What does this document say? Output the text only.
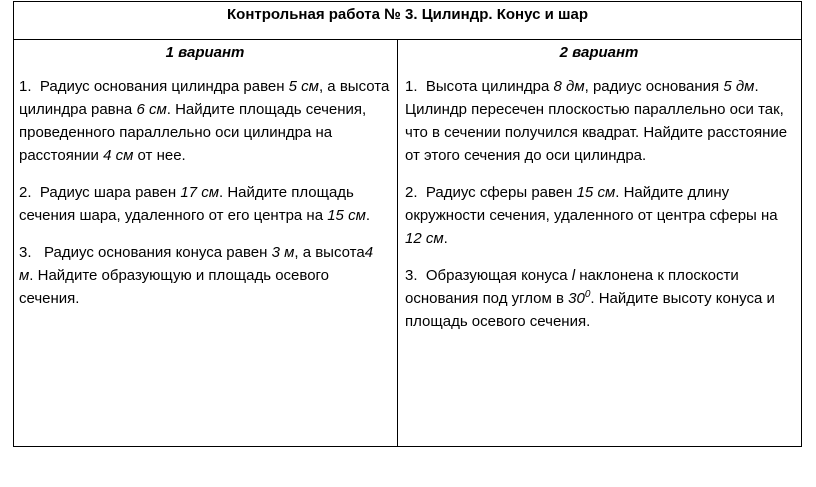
Контрольная работа № 3. Цилиндр. Конус и шар
1 вариант

1. Радиус основания цилиндра равен 5 см, а высота цилиндра равна 6 см. Найдите площадь сечения, проведенного параллельно оси цилиндра на расстоянии 4 см от нее.

2. Радиус шара равен 17 см. Найдите площадь сечения шара, удаленного от его центра на 15 см.

3. Радиус основания конуса равен 3 м, а высота4 м. Найдите образующую и площадь осевого сечения.

2 вариант

1. Высота цилиндра 8 дм, радиус основания 5 дм. Цилиндр пересечен плоскостью параллельно оси так, что в сечении получился квадрат. Найдите расстояние от этого сечения до оси цилиндра.

2. Радиус сферы равен 15 см. Найдите длину окружности сечения, удаленного от центра сферы на 12 см.

3. Образующая конуса l наклонена к плоскости основания под углом в $30^0$. Найдите высоту конуса и площадь осевого сечения.
